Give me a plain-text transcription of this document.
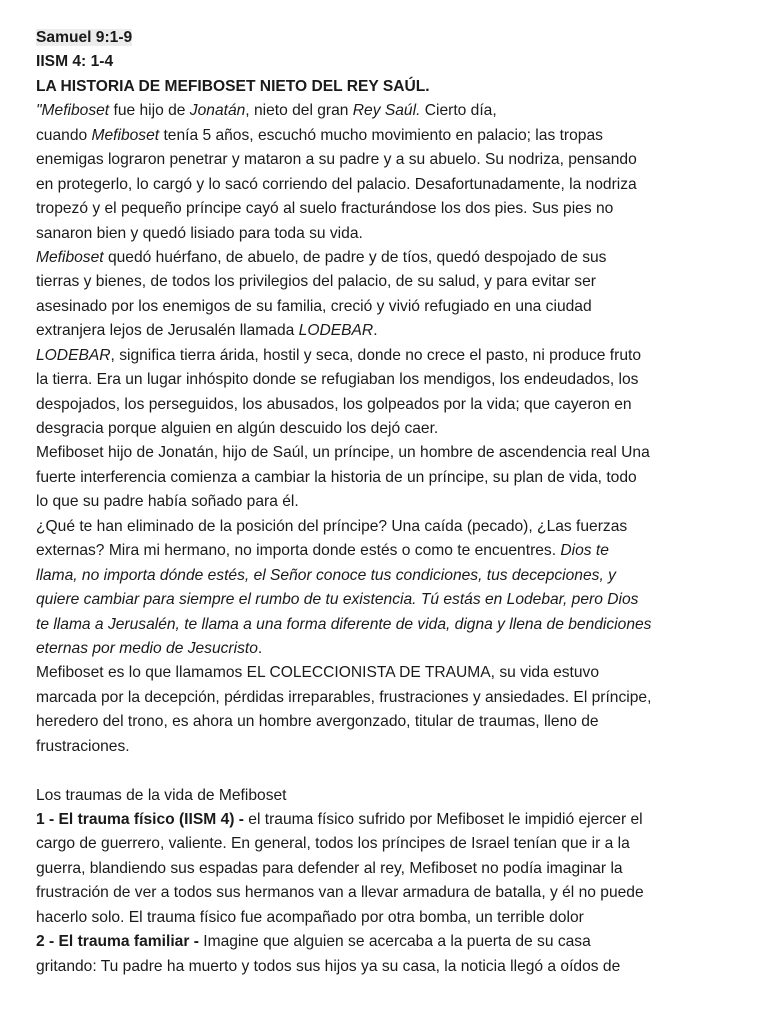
Samuel 9:1-9
IISM 4: 1-4
LA HISTORIA DE MEFIBOSET NIETO DEL REY SAÚL.
"Mefiboset fue hijo de Jonatán, nieto del gran Rey Saúl. Cierto día,
cuando Mefiboset tenía 5 años, escuchó mucho movimiento en palacio; las tropas
enemigas lograron penetrar y mataron a su padre y a su abuelo. Su nodriza, pensando
en protegerlo, lo cargó y lo sacó corriendo del palacio. Desafortunadamente, la nodriza
tropezó y el pequeño príncipe cayó al suelo fracturándose los dos pies. Sus pies no
sanaron bien y quedó lisiado para toda su vida.
Mefiboset quedó huérfano, de abuelo, de padre y de tíos, quedó despojado de sus
tierras y bienes, de todos los privilegios del palacio, de su salud, y para evitar ser
asesinado por los enemigos de su familia, creció y vivió refugiado en una ciudad
extranjera lejos de Jerusalén llamada LODEBAR.
LODEBAR, significa tierra árida, hostil y seca, donde no crece el pasto, ni produce fruto
la tierra. Era un lugar inhóspito donde se refugiaban los mendigos, los endeudados, los
despojados, los perseguidos, los abusados, los golpeados por la vida; que cayeron en
desgracia porque alguien en algún descuido los dejó caer.
Mefiboset hijo de Jonatán, hijo de Saúl, un príncipe, un hombre de ascendencia real Una
fuerte interferencia comienza a cambiar la historia de un príncipe, su plan de vida, todo
lo que su padre había soñado para él.
¿Qué te han eliminado de la posición del príncipe? Una caída (pecado), ¿Las fuerzas
externas? Mira mi hermano, no importa donde estés o como te encuentres. Dios te
llama, no importa dónde estés, el Señor conoce tus condiciones, tus decepciones, y
quiere cambiar para siempre el rumbo de tu existencia. Tú estás en Lodebar, pero Dios
te llama a Jerusalén, te llama a una forma diferente de vida, digna y llena de bendiciones
eternas por medio de Jesucristo.
Mefiboset es lo que llamamos EL COLECCIONISTA DE TRAUMA, su vida estuvo
marcada por la decepción, pérdidas irreparables, frustraciones y ansiedades. El príncipe,
heredero del trono, es ahora un hombre avergonzado, titular de traumas, lleno de
frustraciones.
Los traumas de la vida de Mefiboset
1 - El trauma físico (IISM 4) - el trauma físico sufrido por Mefiboset le impidió ejercer el
cargo de guerrero, valiente. En general, todos los príncipes de Israel tenían que ir a la
guerra, blandiendo sus espadas para defender al rey, Mefiboset no podía imaginar la
frustración de ver a todos sus hermanos van a llevar armadura de batalla, y él no puede
hacerlo solo. El trauma físico fue acompañado por otra bomba, un terrible dolor
2 - El trauma familiar - Imagine que alguien se acercaba a la puerta de su casa
gritando: Tu padre ha muerto y todos sus hijos ya su casa, la noticia llegó a oídos de
